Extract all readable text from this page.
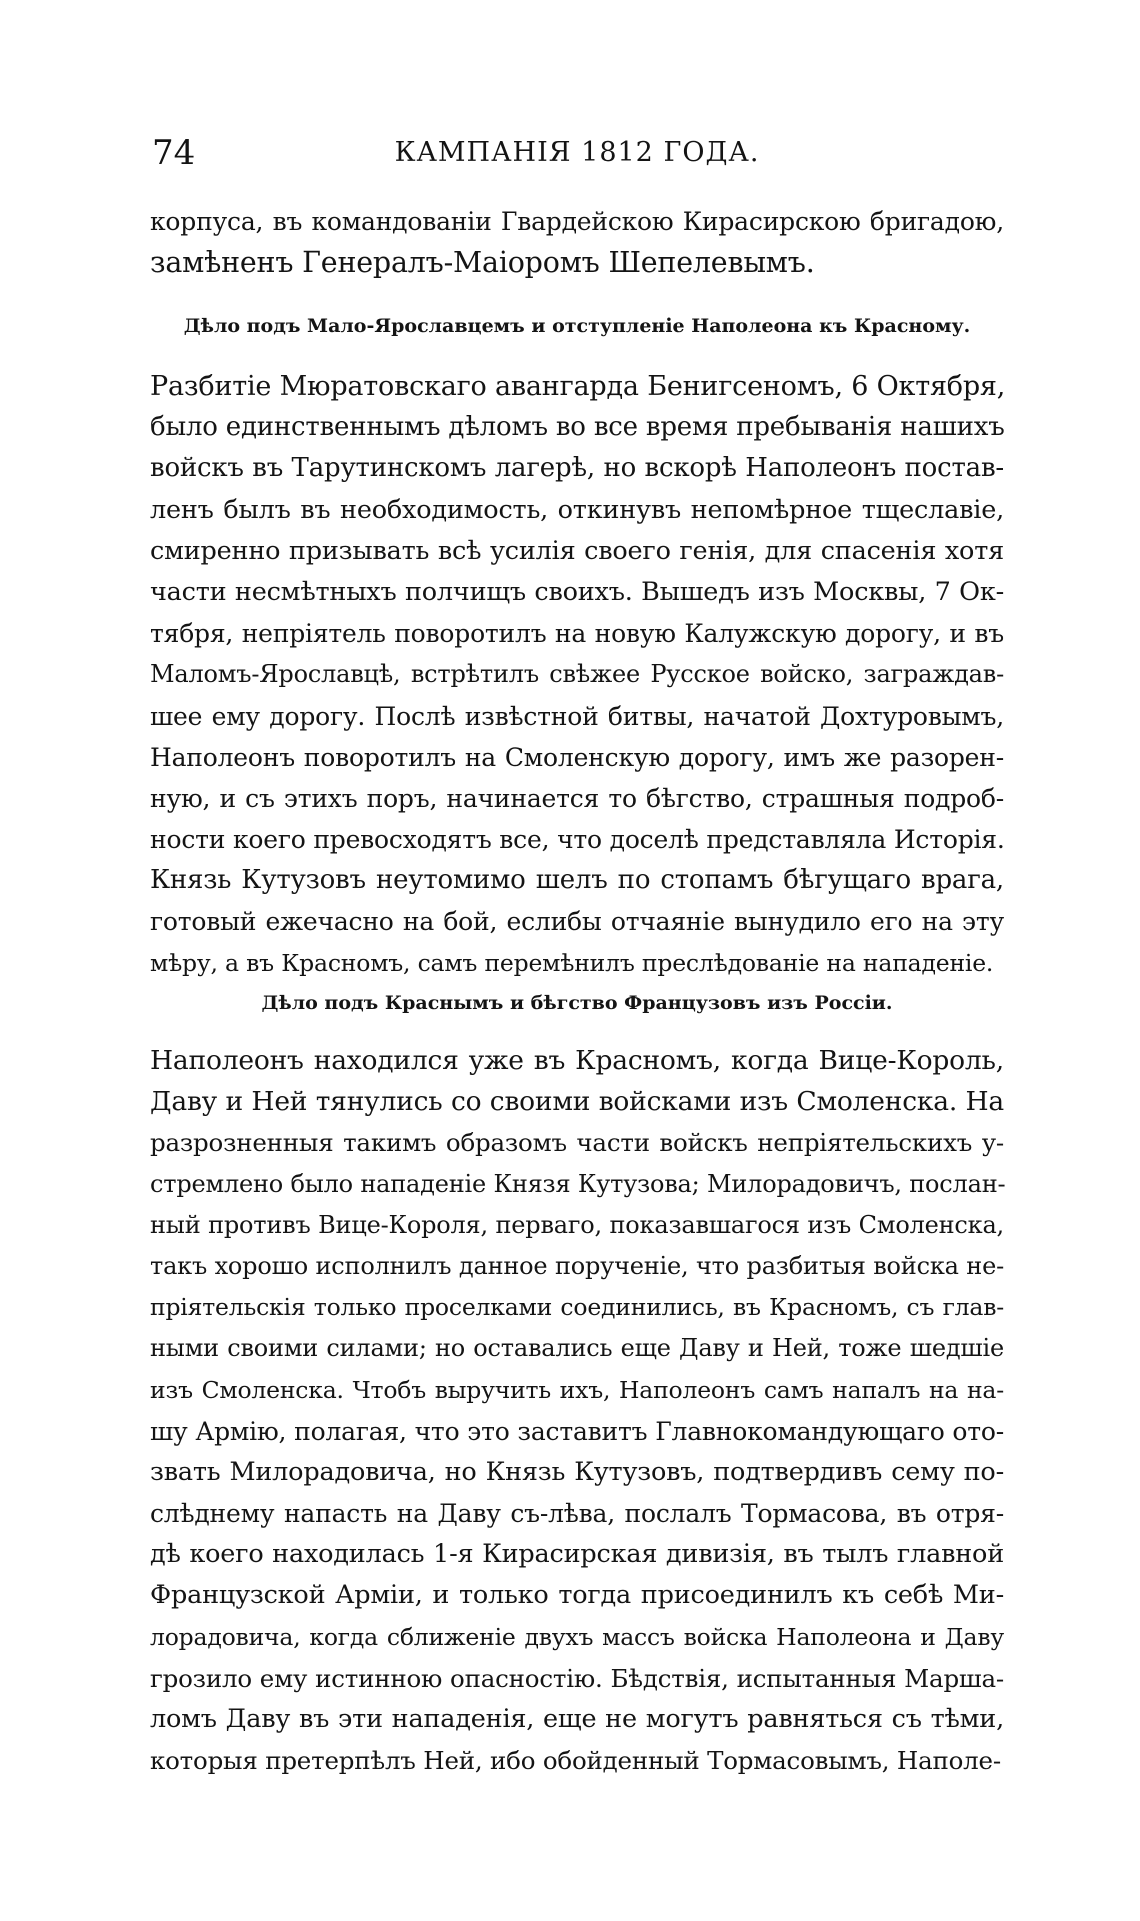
74	КАМПАНІЯ 1812 ГОДА.
корпуса, въ командованіи Гвардейскою Кирасирскою бригадою,
замѣненъ Генералъ-Маіоромъ Шепелевымъ.
Дѣло подъ Мало-Ярославцемъ и отступленіе Наполеона къ Красному.
Разбитіе Мюратовскаго авангарда Бенигсеномъ, 6 Октября,
было единственнымъ дѣломъ во все время пребыванія нашихъ
войскъ въ Тарутинскомъ лагерѣ, но вскорѣ Наполеонъ постав-
ленъ былъ въ необходимость, откинувъ непомѣрное тщеславіе,
смиренно призывать всѣ усилія своего генія, для спасенія хотя
части несмѣтныхъ полчищъ своихъ. Вышедъ изъ Москвы, 7 Ок-
тября, непріятель поворотилъ на новую Калужскую дорогу, и въ
Маломъ-Ярославцѣ, встрѣтилъ свѣжее Русское войско, заграждав-
шее ему дорогу. Послѣ извѣстной битвы, начатой Дохтуровымъ,
Наполеонъ поворотилъ на Смоленскую дорогу, имъ же разорен-
ную, и съ этихъ поръ, начинается то бѣгство, страшныя подроб-
ности коего превосходятъ все, что доселѣ представляла Исторія.
Князь Кутузовъ неутомимо шелъ по стопамъ бѣгущаго врага,
готовый ежечасно на бой, еслибы отчаяніе вынудило его на эту
мѣру, а въ Красномъ, самъ перемѣнилъ преслѣдованіе на нападеніе.
Дѣло подъ Краснымъ и бѣгство Французовъ изъ Россіи.
Наполеонъ находился уже въ Красномъ, когда Вице-Король,
Даву и Ней тянулись со своими войсками изъ Смоленска. На
разрозненныя такимъ образомъ части войскъ непріятельскихъ у-
стремлено было нападеніе Князя Кутузова; Милорадовичъ, послан-
ный противъ Вице-Короля, перваго, показавшагося изъ Смоленска,
такъ хорошо исполнилъ данное порученіе, что разбитыя войска не-
пріятельскія только проселками соединились, въ Красномъ, съ глав-
ными своими силами; но оставались еще Даву и Ней, тоже шедшіе
изъ Смоленска. Чтобъ выручить ихъ, Наполеонъ самъ напалъ на на-
шу Армію, полагая, что это заставитъ Главнокомандующаго ото-
звать Милорадовича, но Князь Кутузовъ, подтвердивъ сему по-
слѣднему напасть на Даву съ-лѣва, послалъ Тормасова, въ отря-
дѣ коего находилась 1-я Кирасирская дивизія, въ тылъ главной
Французской Арміи, и только тогда присоединилъ къ себѣ Ми-
лорадовича, когда сближеніе двухъ массъ войска Наполеона и Даву
грозило ему истинною опасностію. Бѣдствія, испытанныя Марша-
ломъ Даву въ эти нападенія, еще не могутъ равняться съ тѣми,
которыя претерпѣлъ Ней, ибо обойденный Тормасовымъ, Наполе-
